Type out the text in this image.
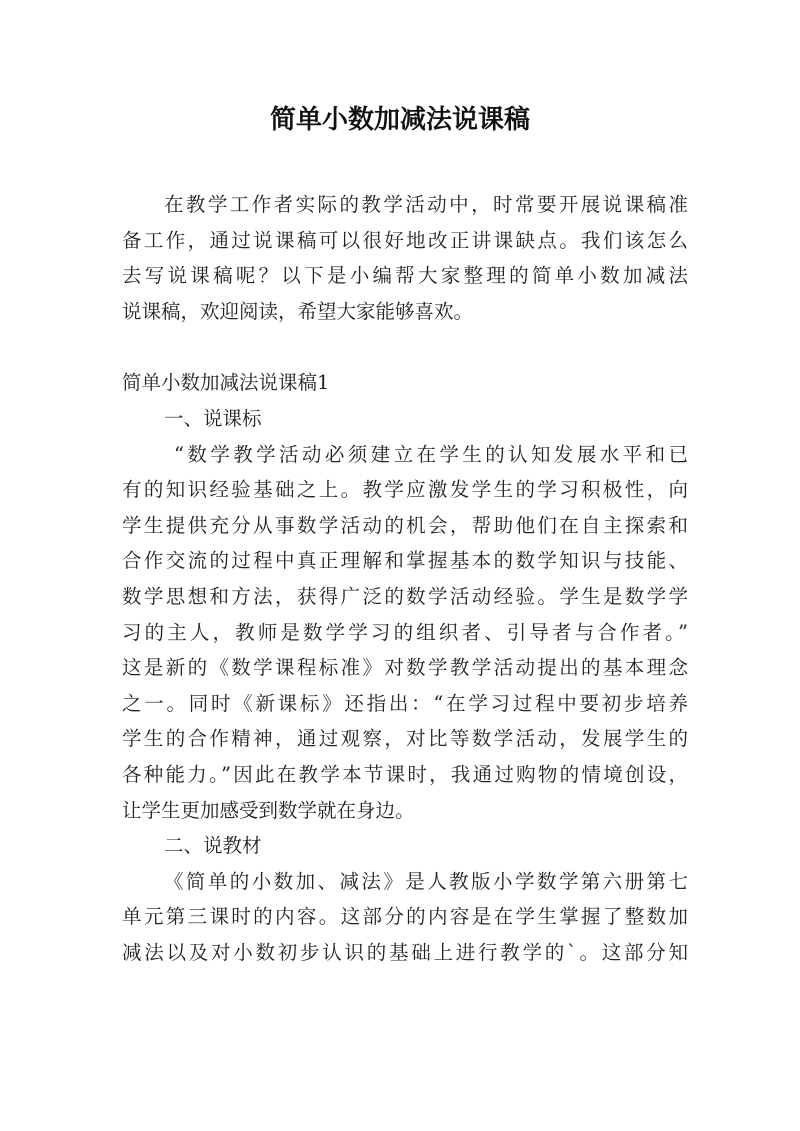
简单小数加减法说课稿
在教学工作者实际的教学活动中，时常要开展说课稿准
备工作，通过说课稿可以很好地改正讲课缺点。我们该怎么
去写说课稿呢？以下是小编帮大家整理的简单小数加减法
说课稿，欢迎阅读，希望大家能够喜欢。
简单小数加减法说课稿1
一、说课标
“数学教学活动必须建立在学生的认知发展水平和已
有的知识经验基础之上。教学应激发学生的学习积极性，向
学生提供充分从事数学活动的机会，帮助他们在自主探索和
合作交流的过程中真正理解和掌握基本的数学知识与技能、
数学思想和方法，获得广泛的数学活动经验。学生是数学学
习的主人，教师是数学学习的组织者、引导者与合作者。”
这是新的《数学课程标准》对数学教学活动提出的基本理念
之一。同时《新课标》还指出：“在学习过程中要初步培养
学生的合作精神，通过观察，对比等数学活动，发展学生的
各种能力。”因此在教学本节课时，我通过购物的情境创设，
让学生更加感受到数学就在身边。
二、说教材
《简单的小数加、减法》是人教版小学数学第六册第七
单元第三课时的内容。这部分的内容是在学生掌握了整数加
减法以及对小数初步认识的基础上进行教学的`。这部分知
